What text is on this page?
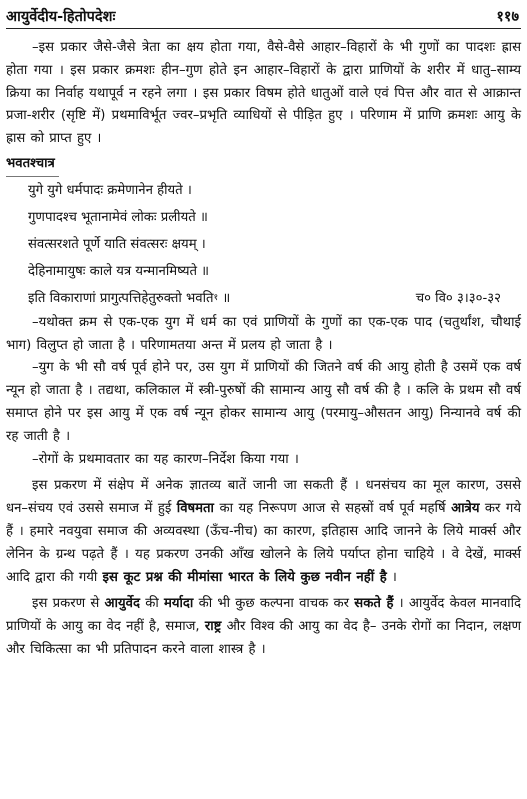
आयुर्वेदीय-हितोपदेशः	११७

–इस प्रकार जैसे-जैसे त्रेता का क्षय होता गया, वैसे-वैसे आहार–विहारों के भी गुणों का पादशः ह्रास होता गया । इस प्रकार क्रमशः हीन–गुण होते इन आहार–विहारों के द्वारा प्राणियों के शरीर में धातु–साम्य क्रिया का निर्वाह यथापूर्व न रहने लगा । इस प्रकार विषम होते धातुओं वाले एवं पित्त और वात से आक्रान्त प्रजा-शरीर (सृष्टि में) प्रथमाविर्भूत ज्वर–प्रभृति व्याधियों से पीड़ित हुए । परिणाम में प्राणि क्रमशः आयु के ह्रास को प्राप्त हुए ।

भवतश्चात्र

युगे युगे धर्मपादः क्रमेणानेन हीयते ।

गुणपादश्च भूतानामेवं लोकः प्रलीयते ॥

संवत्सरशते पूर्णे याति संवत्सरः क्षयम् ।

देहिनामायुषः काले यत्र यन्मानमिष्यते ॥

इति विकाराणां प्रागुत्पत्तिहेतुरुक्तो भवति$^१$ ॥	च० वि० ३।३०-३२

–यथोक्त क्रम से एक-एक युग में धर्म का एवं प्राणियों के गुणों का एक-एक पाद (चतुर्थांश, चौथाई भाग) विलुप्त हो जाता है । परिणामतया अन्त में प्रलय हो जाता है ।

–युग के भी सौ वर्ष पूर्व होने पर, उस युग में प्राणियों की जितने वर्ष की आयु होती है उसमें एक वर्ष न्यून हो जाता है । तद्यथा, कलिकाल में स्त्री-पुरुषों की सामान्य आयु सौ वर्ष की है । कलि के प्रथम सौ वर्ष समाप्त होने पर इस आयु में एक वर्ष न्यून होकर सामान्य आयु (परमायु–औसतन आयु) निन्यानवे वर्ष की रह जाती है ।

–रोगों के प्रथमावतार का यह कारण–निर्देश किया गया ।

इस प्रकरण में संक्षेप में अनेक ज्ञातव्य बातें जानी जा सकती हैं । धनसंचय का मूल कारण, उससे धन–संचय एवं उससे समाज में हुई विषमता का यह निरूपण आज से सहस्रों वर्ष पूर्व महर्षि आत्रेय कर गये हैं । हमारे नवयुवा समाज की अव्यवस्था (ऊँच-नीच) का कारण, इतिहास आदि जानने के लिये मार्क्स और लेनिन के ग्रन्थ पढ़ते हैं । यह प्रकरण उनकी आँख खोलने के लिये पर्याप्त होना चाहिये । वे देखें, मार्क्स आदि द्वारा की गयी इस कूट प्रश्न की मीमांसा भारत के लिये कुछ नवीन नहीं है ।

इस प्रकरण से आयुर्वेद की मर्यादा की भी कुछ कल्पना वाचक कर सकते हैं । आयुर्वेद केवल मानवादि प्राणियों के आयु का वेद नहीं है, समाज, राष्ट्र और विश्व की आयु का वेद है– उनके रोगों का निदान, लक्षण और चिकित्सा का भी प्रतिपादन करने वाला शास्त्र है ।
